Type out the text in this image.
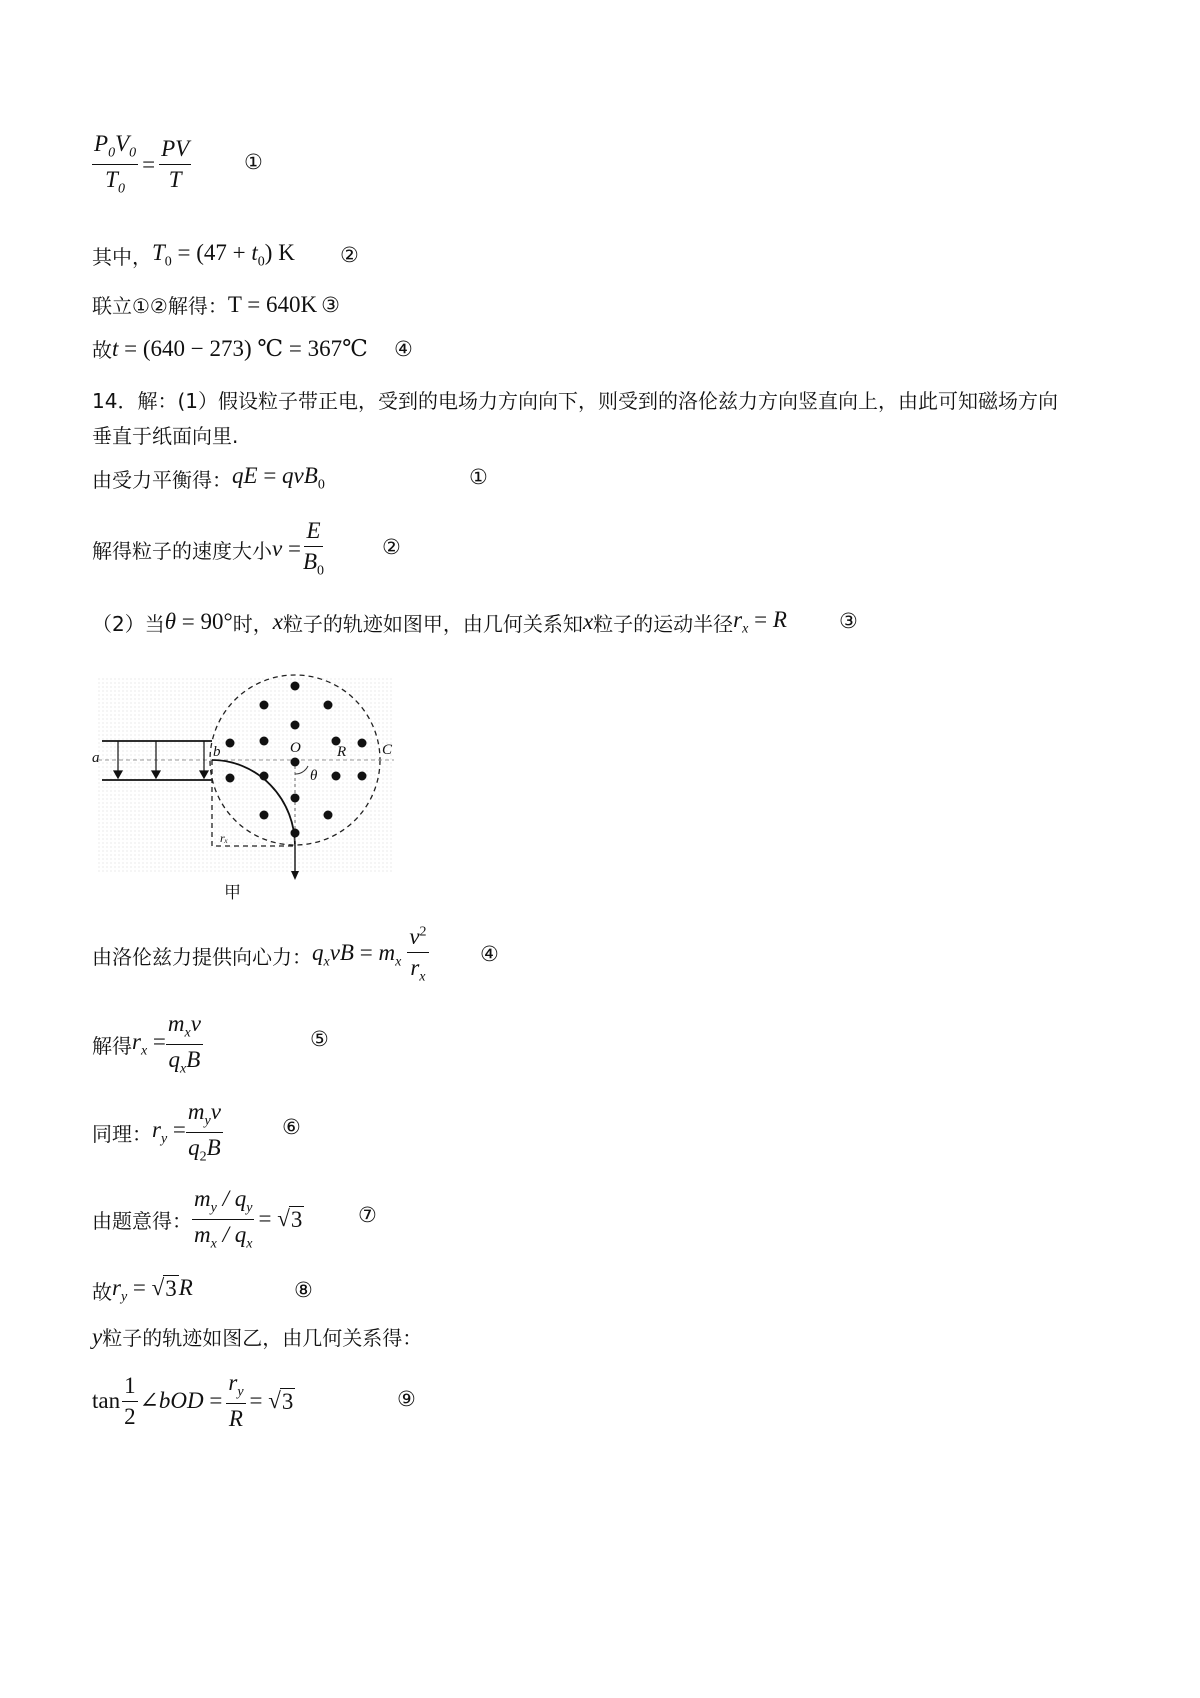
$\frac{P_0V_0}{T_0} = \frac{PV}{T}$	①
其中， $T_0 = (47 + t_0)$ K ②
联立①②解得： T = 640K ③
故 t = (640 − 273) ℃ = 367℃ ④
14．解：(1）假设粒子带正电，受到的电场力方向向下，则受到的洛伦兹力方向竖直向上，由此可知磁场方向
垂直于纸面向里.
由受力平衡得： qE = qvB$_0$	①
解得粒子的速度大小 $v = \frac{E}{B_0}$	②
（2）当 θ = 90° 时， x 粒子的轨迹如图甲，由几何关系知 x 粒子的运动半径 $r_x = R$ ③
a	b	O R C
θ
rₓ
甲
由洛伦兹力提供向心力： $q_xvB = m_x \frac{v^2}{r_x}$ ④
解得 $r_x = \frac{m_xv}{q_xB}$	⑤
同理： $r_y = \frac{m_yv}{q_2B}$	⑥
由题意得： $\frac{m_y / q_y}{m_x / q_x}$ = √ 3	⑦
故 $r_y$ = √ 3 R	⑧
y 粒子的轨迹如图乙，由几何关系得：
$\tan \frac{1}{2}$ ∠bOD = $\frac{r_y}{R}$ = √ 3	⑨
